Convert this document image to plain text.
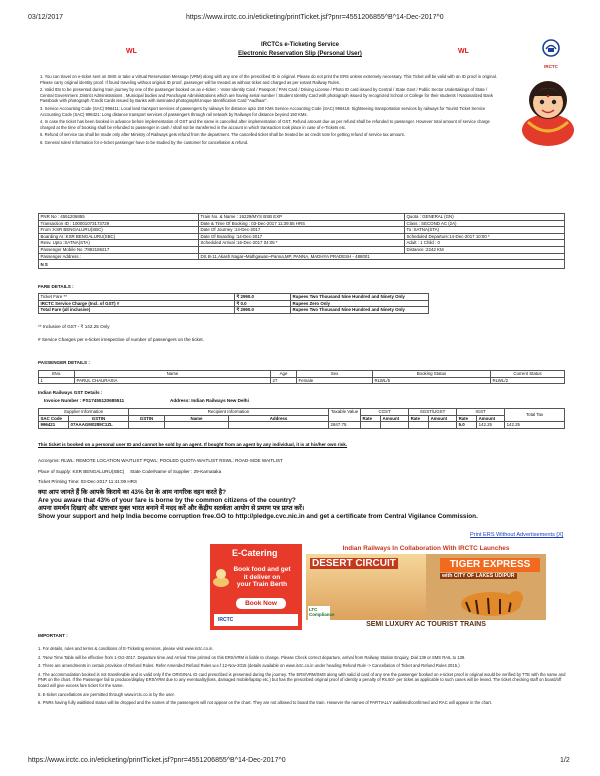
03/12/2017	https://www.irctc.co.in/eticketing/printTicket.jsf?pnr=4551206855^B^14-Dec-2017^0
https://www.irctc.co.in/eticketing/printTicket.jsf?pnr=4551206855^B^14-Dec-2017^0	1/2
WL	WL
IRCTCs e-Ticketing Service
Electronic Reservation Slip (Personal User)
IRCTC

1. You can travel on e-ticket sent on SMS or take a Virtual Reservation Message (VRM) along with any one of the prescribed ID in original. Please do not print the ERS unless extremely necessary. This Ticket will be valid with an ID proof in original. Please carry original identity proof. If found traveling without original ID proof, passenger will be treated as without ticket and charged as per extant Railway Rules.

2. Valid IDs to be presented during train journey by one of the passenger booked on an e-ticket :- Voter Identity Card / Passport / PAN Card / Driving License / Photo ID card issued by Central / State Govt / Public Sector Undertakings of State / Central Government ,District Administrations , Municipal bodies and Panchayat Administrations which are having serial number / Student Identity Card with photograph issued by recognized School or College for their students / Nationalized Bank Passbook with photograph /Credit Cards issued by Banks with laminated photograph/Unique Identification Card "Aadhaar".

3. Service Accounting Code (SAC) 996411: Local land transport services of passengers by railways for distance upto 150 KMs Service Accounting Code (SAC) 996416: Sightseeing transportation services by railways for Tourist Ticket Service Accounting Code (SAC) 996421: Long distance transport services of passengers through rail network by Railways for distance beyond 150 KMs.

4. In case the ticket has been booked in advance before implementation of GST and the same is cancelled after implementation of GST, Refund amount due as per refund shall be refunded to passenger. However total amount of service charge charged at the time of booking shall be refunded to passenger in cash / shall not be transferred in the account in which transaction took place in case of e-Tickets etc.

5. Refund of service tax shall be made only after Ministry of Railways gets refund from the department. The cancelled ticket shall be treated be as credit note for getting refund of service tax amount.

6. General rules/ Information for e-ticket passenger have to be studied by the customer for cancellation & refund.

PNR No : 4551206855	Train No. & Name : 16229/MYS BSB EXP	Quota : GENERAL (GN)
Transaction ID : 100001073173729	Date & Time Of Booking : 03-Dec-2017 11:39:55 HRS	Class : SECOND AC (2A)
From :KSR BENGALURU(SBC)	Date Of Journey :14-Dec-2017	To :SATNA(STA)
Boarding At :KSR BENGALURU(SBC)	Date Of Boarding :14-Dec-2017	Scheduled Departure:14-Dec-2017 10:00 *
Resv. Upto :SATNA(STA)	Scheduled Arrival :16-Dec-2017 04:05 *	Adult : 1 Child : 0
Passenger Mobile No :7892186217		Distance :2242 KM
Passenger Address :	DS B-11,Akash Nagar~Malhgawan~Panna,MP, PANNA, MADHYA PRADESH - 488001	
N S		
FARE DETAILS :
Ticket Fare **	₹ 2990.0	Rupees Two Thousand Nine Hundred and Ninety Only
IRCTC Service Charge (Incl. of GST) #	₹ 0.0	Rupees Zero Only
Total Fare (all inclusive)	₹ 2990.0	Rupees Two Thousand Nine Hundred and Ninety Only
** Inclusive of GST - ₹ 142.25 Only
# Service Charges per e-ticket irrespective of number of passengers on the ticket.
PASSENGER DETAILS :
SNo.	Name	Age	Sex	Booking Status	Current Status
1	PARUL CHAURASIA	27	Female	RLWL/5	RLWL/2
Indian Railways GST Details :
Invoice Number : PS17455120685511	Address: Indian Railways New Delhi
Supplier Information		Recipient Information			Taxable Value	CGST		SGST/UGST		IGST		Total Tax
SAC Code	GSTIN	GSTIN	Name	Address		Rate	Amount	Rate	Amount	Rate	Amount	
996421	07AAAGM0289C1ZL				2847.75					5.0	142.25	142.25
This ticket is booked on a personal user ID and cannot be sold by an agent. If bought from an agent by any individual, it is at his/her own risk.
Acronyms: RLWL: REMOTE LOCATION WAITLIST PQWL: POOLED QUOTA WAITLIST RSWL: ROAD-SIDE WAITLIST
Place of Supply: KSR BENGALURU(SBC) State Code/Name of Supplier : 29-Karnataka
Ticket Printing Time: 03-Dec-2017 11:41:09 HRS
क्या आप जानते हैं कि आपके किराये का 43% देश के आम नागरिक वहन करते है?
Are you aware that 43% of your fare is borne by the common citizens of the country?
अपना समर्थन दिखाएं और भ्रष्टाचार मुक्त भारत बनाने में मदद करें और केंद्रीय सतर्कता आयोग से प्रमाण पत्र प्राप्त करें।
Show your support and help India become corruption free.GO to http://pledge.cvc.nic.in and get a certificate from Central Vigilance Commission.
Print ERS Without Advertisements [X]
E-Catering
Book food and get
it deliver on
your Train Berth
Book Now
IRCTC
Indian Railways In Collaboration With IRCTC Launches
DESERT CIRCUIT	TIGER EXPRESS
with CITY OF LAKES UDIPUR
LTC Compliance
SEMI LUXURY AC TOURIST TRAINS
IMPORTANT :

1. For details, rules and terms & conditions of E-Ticketing services, please visit www.irctc.co.in.

2. *New Time Table will be effective from 1-Oct-2017. Departure time and Arrival Time printed on this ERS/VRM is liable to change. Please Check correct departure, arrival from Railway Station Enquiry, Dial 139 or SMS RAIL to 139.

3. There are amendments in certain provision of Refund Rules. Refer Amended Refund Rules w.e.f 12-Nov-2015 (details available on www.irctc.co.in under heading Refund Rule -> Cancellation of Ticket and Refund Rules 2015.)

4. The accommodation booked is not transferable and is valid only if the ORIGINAL ID card prescribed is presented during the journey. The ERS/VRM/SMS along with valid id card of any one the passenger booked on e-ticket proof in original would be verified by TTE with the name and PNR on the chart. If the Passenger fail to produce/display ERS/VRM due to any eventuality(loss, damaged mobile/laptop etc.) but has the prescribed original proof of identity a penalty of Rs.50/- per ticket as applicable to such cases will be levied. The ticket checking staff on board/off board will give excess fare ticket for the same.

5. E-ticket cancellations are permitted through www.irctc.co.in by the user.

6. PNRs having fully waitlisted status will be dropped and the names of the passengers will not appear on the chart. They are not allowed to board the train. However the names of PARTIALLY waitlisted/confirmed and RAC will appear in the chart.
